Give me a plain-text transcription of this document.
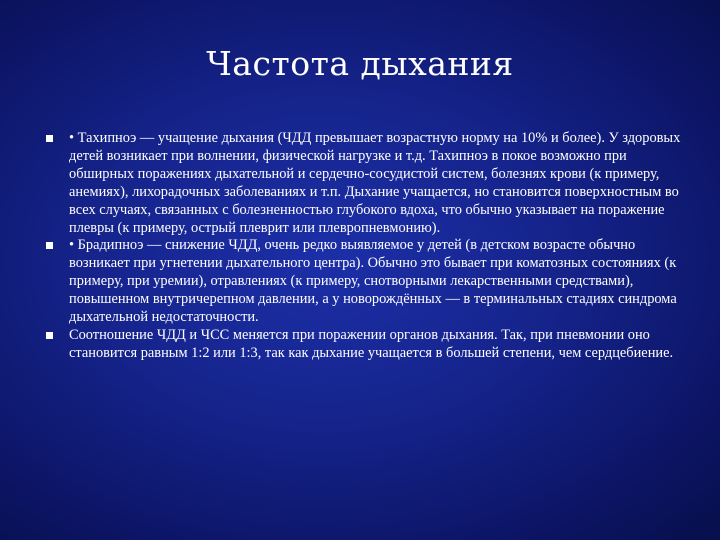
Частота дыхания
• Тахипноэ — учащение дыхания (ЧДД превышает возрастную норму на 10% и более). У здоровых детей возникает при волнении, физической нагрузке и т.д. Тахипноэ в покое возможно при обширных поражениях дыхательной и сердечно-сосудистой систем, болезнях крови (к примеру, анемиях), лихорадочных заболеваниях и т.п. Дыхание учащается, но становится поверхностным во всех случаях, связанных с болезненностью глубокого вдоха, что обычно указывает на поражение плевры (к примеру, острый плеврит или плевропневмонию).
• Брадипноэ — снижение ЧДД, очень редко выявляемое у детей (в детском возрасте обычно возникает при угнетении дыхательного центра). Обычно это бывает при коматозных состояниях (к примеру, при уремии), отравлениях (к примеру, снотворными лекарственными средствами), повышенном внутричерепном давлении, а у новорождённых — в терминальных стадиях синдрома дыхательной недостаточности.
Соотношение ЧДД и ЧСС меняется при поражении органов дыхания. Так, при пневмонии оно становится равным 1:2 или 1:3, так как дыхание учащается в большей степени, чем сердцебиение.
